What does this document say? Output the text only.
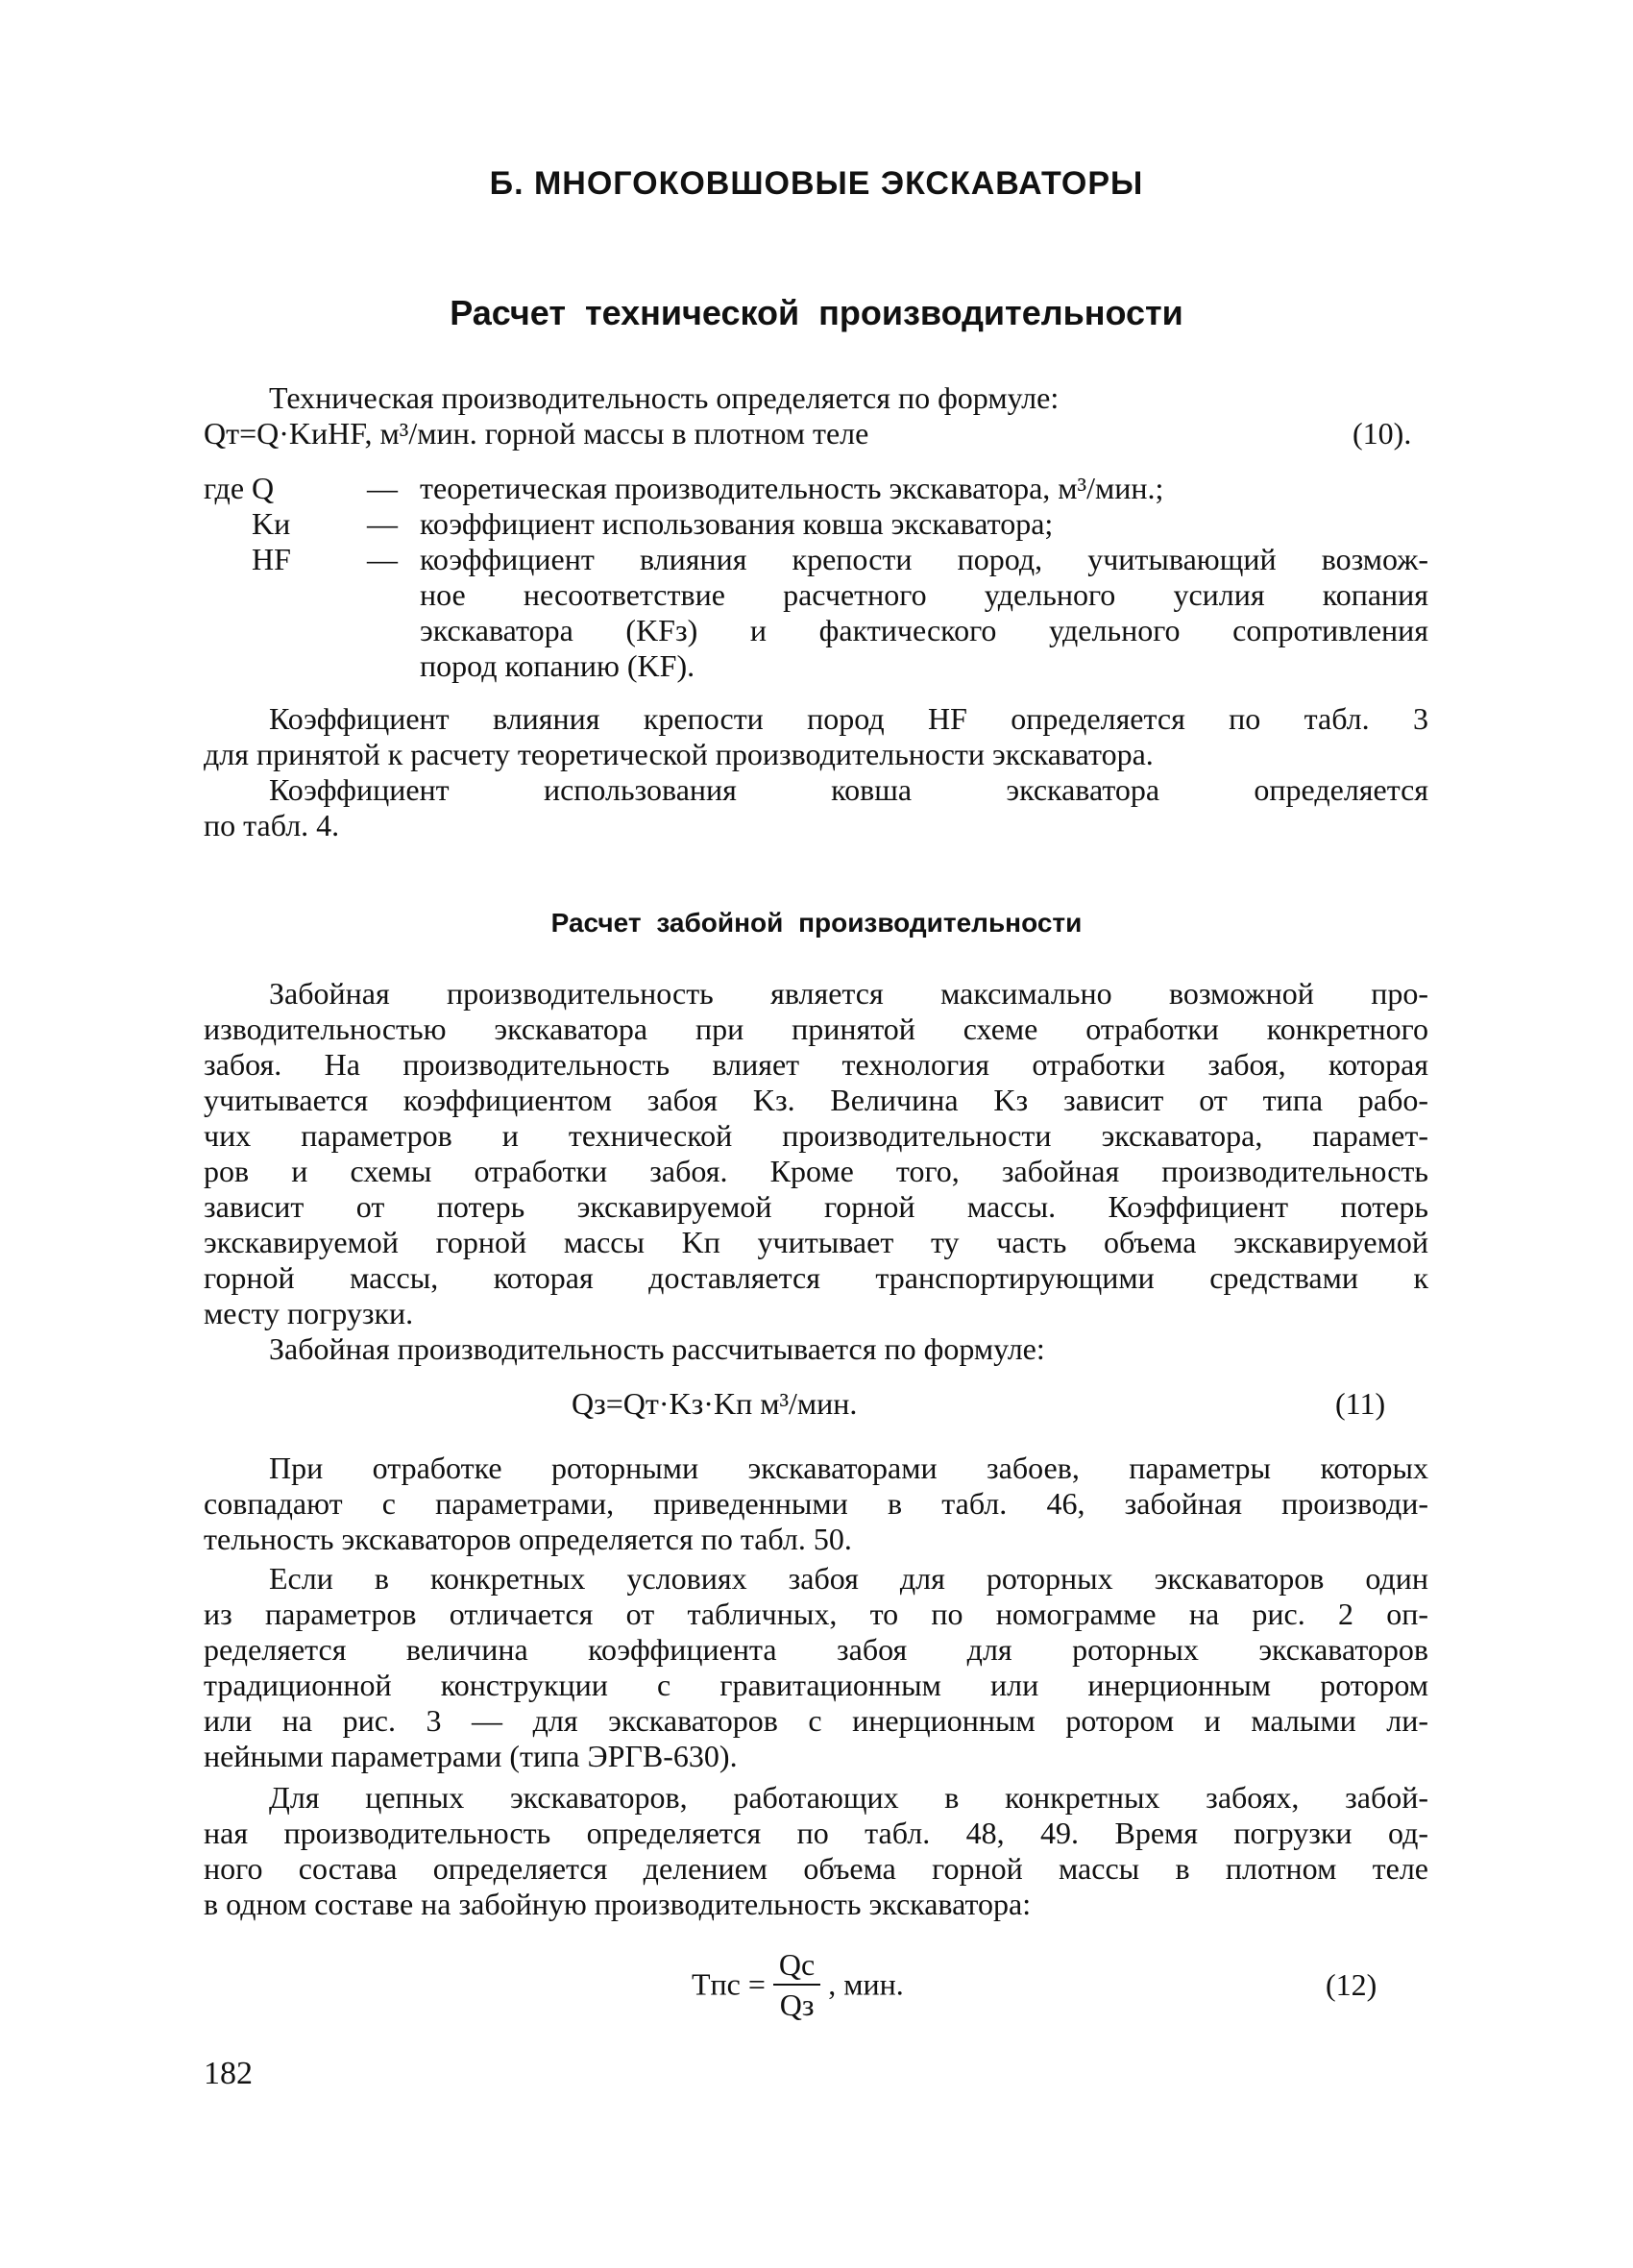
Б. МНОГОКОВШОВЫЕ ЭКСКАВАТОРЫ
Расчет технической производительности
Техническая производительность определяется по формуле:
Qт=Q·KиHF, м³/мин. горной массы в плотном теле	(10).
где Q	— теоретическая производительность экскаватора, м³/мин.;
Kи	— коэффициент использования ковша экскаватора;
HF	— коэффициент влияния крепости пород, учитывающий возмож-
ное несоответствие расчетного удельного усилия копания
экскаватора (KFз) и фактического удельного сопротивления
пород копанию (KF).
Коэффициент влияния крепости пород HF определяется по табл. 3
для принятой к расчету теоретической производительности экскаватора.
Коэффициент использования ковша экскаватора определяется
по табл. 4.
Расчет забойной производительности
Забойная производительность является максимально возможной про-
изводительностью экскаватора при принятой схеме отработки конкретного
забоя. На производительность влияет технология отработки забоя, которая
учитывается коэффициентом забоя Kз. Величина Kз зависит от типа рабо-
чих параметров и технической производительности экскаватора, парамет-
ров и схемы отработки забоя. Кроме того, забойная производительность
зависит от потерь экскавируемой горной массы. Коэффициент потерь
экскавируемой горной массы Kп учитывает ту часть объема экскавируемой
горной массы, которая доставляется транспортирующими средствами к
месту погрузки.
Забойная производительность рассчитывается по формуле:
Qз=Qт·Kз·Kп м³/мин.	(11)
При отработке роторными экскаваторами забоев, параметры которых
совпадают с параметрами, приведенными в табл. 46, забойная производи-
тельность экскаваторов определяется по табл. 50.
Если в конкретных условиях забоя для роторных экскаваторов один
из параметров отличается от табличных, то по номограмме на рис. 2 оп-
ределяется величина коэффициента забоя для роторных экскаваторов
традиционной конструкции с гравитационным или инерционным ротором
или на рис. 3 — для экскаваторов с инерционным ротором и малыми ли-
нейными параметрами (типа ЭРГВ-630).
Для цепных экскаваторов, работающих в конкретных забоях, забой-
ная производительность определяется по табл. 48, 49. Время погрузки од-
ного состава определяется делением объема горной массы в плотном теле
в одном составе на забойную производительность экскаватора:
Tпс = $\frac{Qс}{Qз}$ , мин.	(12)
182
